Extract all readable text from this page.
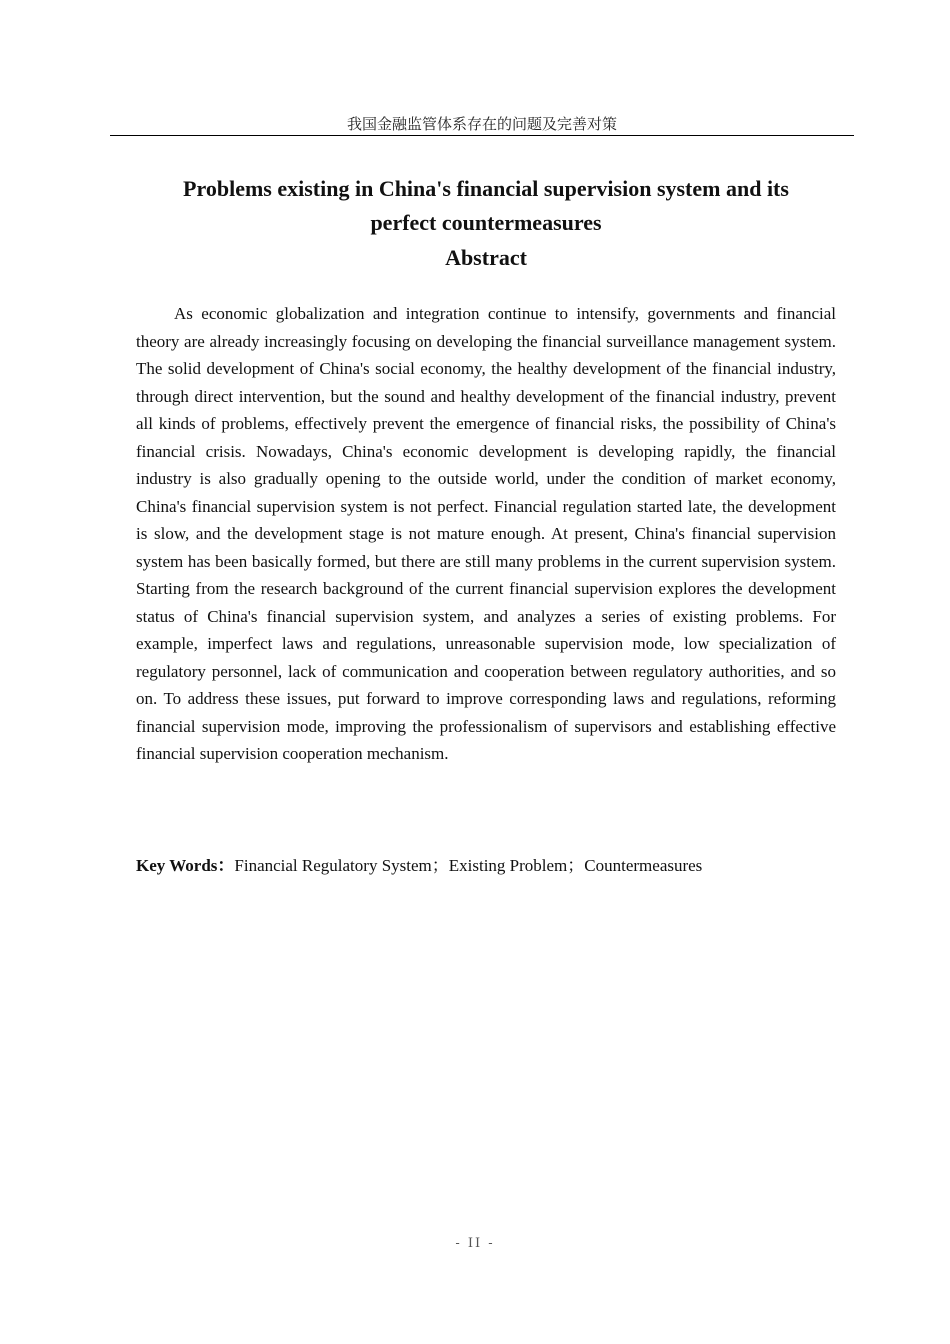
我国金融监管体系存在的问题及完善对策
Problems existing in China's financial supervision system and its
perfect countermeasures
Abstract

As economic globalization and integration continue to intensify, governments and financial theory are already increasingly focusing on developing the financial surveillance management system. The solid development of China's social economy, the healthy development of the financial industry, through direct intervention, but the sound and healthy development of the financial industry, prevent all kinds of problems, effectively prevent the emergence of financial risks, the possibility of China's financial crisis. Nowadays, China's economic development is developing rapidly, the financial industry is also gradually opening to the outside world, under the condition of market economy, China's financial supervision system is not perfect. Financial regulation started late, the development is slow, and the development stage is not mature enough. At present, China's financial supervision system has been basically formed, but there are still many problems in the current supervision system. Starting from the research background of the current financial supervision explores the development status of China's financial supervision system, and analyzes a series of existing problems. For example, imperfect laws and regulations, unreasonable supervision mode, low specialization of regulatory personnel, lack of communication and cooperation between regulatory authorities, and so on. To address these issues, put forward to improve corresponding laws and regulations, reforming financial supervision mode, improving the professionalism of supervisors and establishing effective financial supervision cooperation mechanism.

Key Words：Financial Regulatory System；Existing Problem；Countermeasures

- II -
